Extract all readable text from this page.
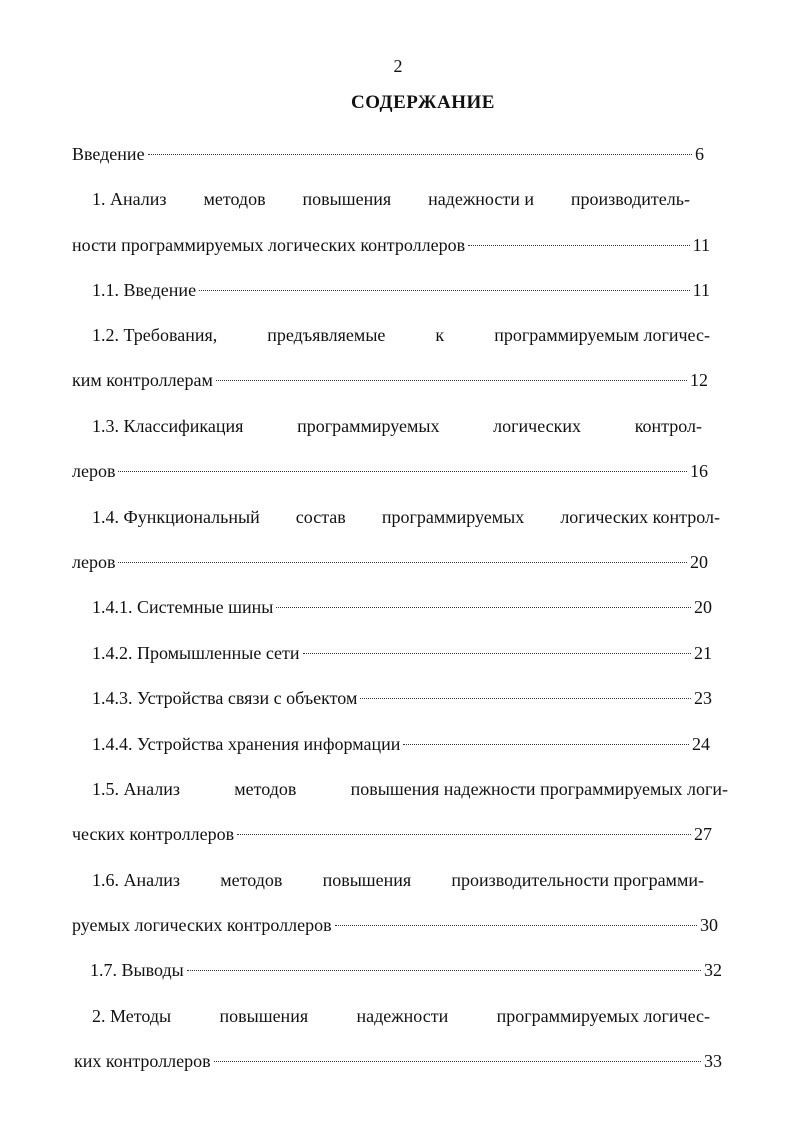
2
СОДЕРЖАНИЕ
Введение	6
1. Анализ методов повышения надежности и производитель-
ности программируемых логических контроллеров	11
1.1. Введение	11
1.2. Требования,	предъявляемые	к	программируемым логичес-
ким контроллерам	12
1.3. Классификация	программируемых	логических	контрол-
леров	16
1.4. Функциональный состав программируемых логических контрол-
леров	20
1.4.1. Системные шины	20
1.4.2. Промышленные сети	21
1.4.3. Устройства связи с объектом	23
1.4.4. Устройства хранения информации	24
1.5. Анализ	методов	повышения надежности программируемых логи-
ческих контроллеров	27
1.6. Анализ методов повышения производительности программи-
руемых логических контроллеров	30
1.7. Выводы	32
2. Методы	повышения	надежности	программируемых логичес-
ких контроллеров	33
